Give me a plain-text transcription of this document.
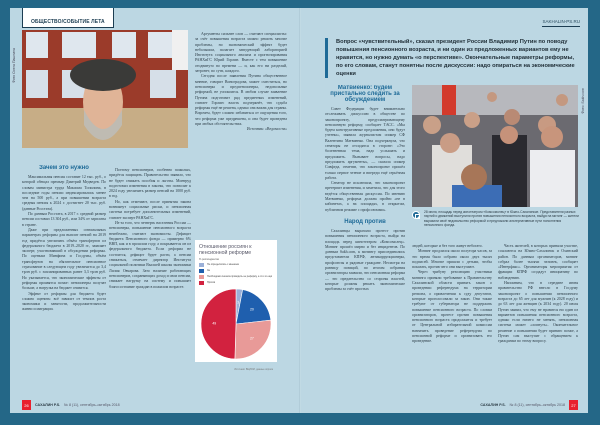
ОБЩЕСТВО/СОБЫТИЕ ЛЕТА
Фото Олега Пашнина

Аргументы сильнее слов — считают специалисты: за счёт повышения возраста можно решить многие проблемы, но экономический эффект будет небольшим, полагает заведующий лабораторией Института социального анализа и прогнозирования РАНХиГС Юрий Горлин. Вместе с тем повышение отодвинуто во времени — и, как его ни разделяй, затронет, по сути, каждого.

Сегодня после заявления Путина общественное мнение, говорит Виноградова, может сместиться, но пенсионеры и предпенсионеры, недовольные реформой, не успокоятся. В любом случае заявление Путина подготовит ряд предметных изменений, считает Горлин: власть подчеркнёт, что судьба реформы ещё не решена, однако она важна для страны. Впрочем, будет сложно избавиться от ощущения того, что реформа уже предрешена, и она будет проведена при любых обстоятельствах.

Источник: «Ведомости»

Зачем это нужно

Максимальная пенсия составит 12 тыс. руб., о которой обещал премьер Дмитрий Медведев. По словам министра труда Максима Топилина, в последние годы пенсии индексировались менее чем на 500 руб., а при повышении возраста средняя пенсия к 2024 г. достигнет 20 тыс. руб. (данные Росстата).

По данным Росстата, в 2017 г. средний размер пенсии составил 13 304 руб., или 34% от зарплаты в стране.

Даже при предложенных оптимальных параметрах реформы для выплат пенсий на 2019 год придётся увеличить объём трансфертов из федерального бюджета в 2019–2020 гг., заявляет эксперт, участвовавший в обсуждении реформы. По оценкам Минфина и Госдумы, объём трансфертов на обязательное пенсионное страхование в следующем году увеличится до 3,4 трлн руб. с запланированных ранее 3,3 трлн руб. Но указывается, что экономические эффекты от реформы проявятся позже: пенсионеры получат больше, а нагрузка на бюджет снизится.

Эффект от реформы для бюджета будет сложно оценить: всё зависит от темпов роста экономики и занятости, продолжительности жизни и миграции.

Поэтому пенсионеров, особенно пожилых, придётся защищать. Правительство заявило, что не будет снижать пособия и льготы. Минтруд подготовил изменения в законы, что позволит к 2024 году увеличить размер пенсий на 1000 руб. в год.

Но, как отмечают, после принятия закона возникнут социальные риски, и пенсионная система потребует дополнительных изменений, считает эксперт РАНХиГС.

Из-за того, что четверть населения России — пенсионеры, повышение пенсионного возраста неизбежно, считают экономисты. Дефицит бюджета Пенсионного фонда — примерно 6% ВВП, как и в прошлом году, а покрывается он из федерального бюджета. Если реформа не состоится, дефицит будет расти, а пенсии снижаться, отмечает директор Института социальной политики Высшей школы экономики Лилия Овчарова. Зато наличие работающих пенсионеров, сохраняющих доход и свои пенсии, снижает нагрузку на систему и повышает благосостояние граждан в пожилом возрасте.

Отношение россиян к пенсионной реформе
% респондентов
Не определились с мнением
За
Необходимо сначала проводить не реформу, а что-то ещё
Против
3
20
27
49
Источник: ВЦИОМ, данные опроса
26	САХАЛИН P.S. № 8 (11), сентябрь–октябрь 2018
SAKHALIN-PS.RU
Вопрос «чувствительный», сказал президент России Владимир Путин по поводу повышения пенсионного возраста, и ни один из предложенных вариантов ему не нравится, но нужно думать «о перспективе». Окончательные параметры реформы, по его словам, станут понятны после дискуссии: надо опираться на экономические оценки
Матвиенко: будем пристально следить за обсуждением

Совет Федерации будет внимательно отслеживать дискуссию в обществе по законопроекту, предусматривающему пенсионную реформу, сообщает ТАСС. «Мы будем конструктивные предложения, они будут учтены», заявила журналистам спикер СФ Валентина Матвиенко. Она подчеркнула, что сенаторы не отсидятся в стороне: «Это болезненная тема, надо услышать и предложить. Вызывает вопросы, надо предложить аргументы», — сказала спикер Совфеда, отметив, что законопроект прошёл только первое чтение и впереди ещё серьёзная работа.

Сенатор не исключила, что законопроект претерпит изменения, и заметила, что для этого ведётся общественная дискуссия. По мнению Матвиенко, реформа должна пройти «не в кабинетах, а на площадях, в открытом, публичном режиме с профсоюзами».

Народ против

Сахалинцы выразили протест против повышения пенсионного возраста, выйдя на площадь перед кинотеатром «Комсомолец». Митинг прошёл мирно и без инцидентов. По данным Sakh.com, к митингу присоединились представители КПРФ, антикоррупционеры, профсоюзы и рядовые граждане. Несмотря на разницу позиций, по итогам собрания организаторы заявили, что пенсионная реформа — это предательство со стороны властей, которые должны решать экономические проблемы за счёт простых

Фото: Sakh.com
28 июля, площадь перед кинотеатром «Комсомолец» в Южно-Сахалинске. Представители разных партий и движений выступили против повышения пенсионного возраста, выйдя на митинг — жители выразили своё недовольство реформой и предложили альтернативные пути пополнения пенсионного фонда.

людей, которые и без того живут небогато.

Митинг продлился около полутора часов, за это время было собрано около двух тысяч подписей. Многие пришли с детьми, чтобы показать, против чего они выступают.

Через трибуну резолюцию участники митинга приняли требование к Правительству Сахалинской области принять закон о проведении референдума на территории региона, о привлечении к суду депутатов, которые проголосовали за закон. Они также требуют от губернатора не поддержать повышение пенсионного возраста. По словам организаторов, протест против повышения пенсионного возраста продолжится и требует от Центральной избирательной комиссии назначить проведение референдума по пенсионной реформе и организовать его проведение.

Часть жителей, в которых приняли участие, ссылаются на Южно-Сахалинск и Охинский район. По данным организаторов, митинг собрал более тысячи человек, сообщает «Интерфакс». Организаторы мероприятия от фракции КПРФ создадут инициативу по наблюдению.

Напомним, что в середине июня правительство РФ внесло в Госдуму законопроект о повышении пенсионного возраста до 65 лет для мужчин (к 2028 году) и до 63 лет для женщин (к 2034 году). 20 июля Путин заявил, что ему не нравится ни один из вариантов повышения пенсионного возраста, однако если ничего не менять, пенсионная система может «лопнуть». Окончательное решение о повышении будет принято позже, а Путин сам выступит с обращением к гражданам по этому вопросу.

САХАЛИН P.S. № 8 (11), сентябрь–октябрь 2018	27
